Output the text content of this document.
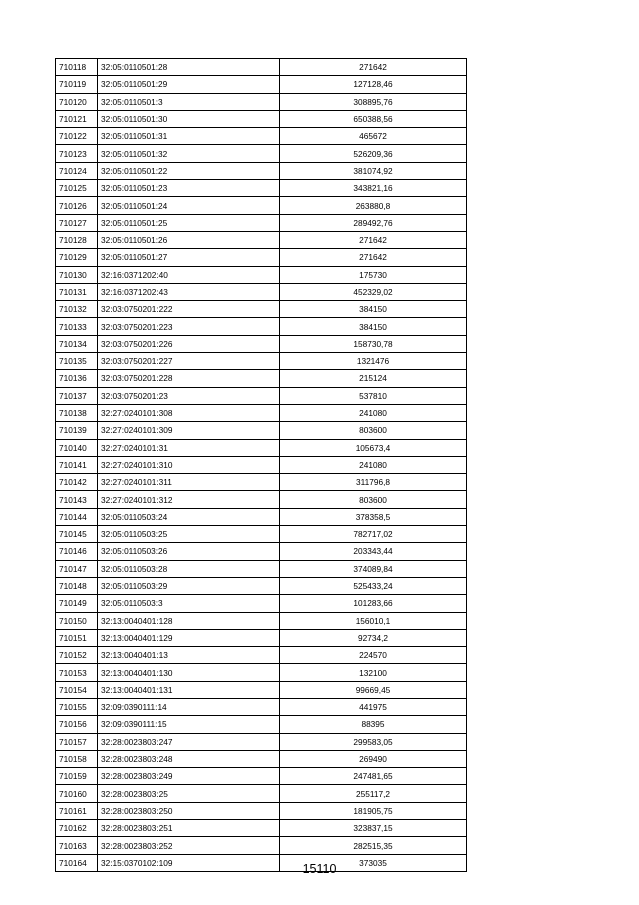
710118	32:05:0110501:28	271642
710119	32:05:0110501:29	127128,46
710120	32:05:0110501:3	308895,76
710121	32:05:0110501:30	650388,56
710122	32:05:0110501:31	465672
710123	32:05:0110501:32	526209,36
710124	32:05:0110501:22	381074,92
710125	32:05:0110501:23	343821,16
710126	32:05:0110501:24	263880,8
710127	32:05:0110501:25	289492,76
710128	32:05:0110501:26	271642
710129	32:05:0110501:27	271642
710130	32:16:0371202:40	175730
710131	32:16:0371202:43	452329,02
710132	32:03:0750201:222	384150
710133	32:03:0750201:223	384150
710134	32:03:0750201:226	158730,78
710135	32:03:0750201:227	1321476
710136	32:03:0750201:228	215124
710137	32:03:0750201:23	537810
710138	32:27:0240101:308	241080
710139	32:27:0240101:309	803600
710140	32:27:0240101:31	105673,4
710141	32:27:0240101:310	241080
710142	32:27:0240101:311	311796,8
710143	32:27:0240101:312	803600
710144	32:05:0110503:24	378358,5
710145	32:05:0110503:25	782717,02
710146	32:05:0110503:26	203343,44
710147	32:05:0110503:28	374089,84
710148	32:05:0110503:29	525433,24
710149	32:05:0110503:3	101283,66
710150	32:13:0040401:128	156010,1
710151	32:13:0040401:129	92734,2
710152	32:13:0040401:13	224570
710153	32:13:0040401:130	132100
710154	32:13:0040401:131	99669,45
710155	32:09:0390111:14	441975
710156	32:09:0390111:15	88395
710157	32:28:0023803:247	299583,05
710158	32:28:0023803:248	269490
710159	32:28:0023803:249	247481,65
710160	32:28:0023803:25	255117,2
710161	32:28:0023803:250	181905,75
710162	32:28:0023803:251	323837,15
710163	32:28:0023803:252	282515,35
710164	32:15:0370102:109	373035
15110
